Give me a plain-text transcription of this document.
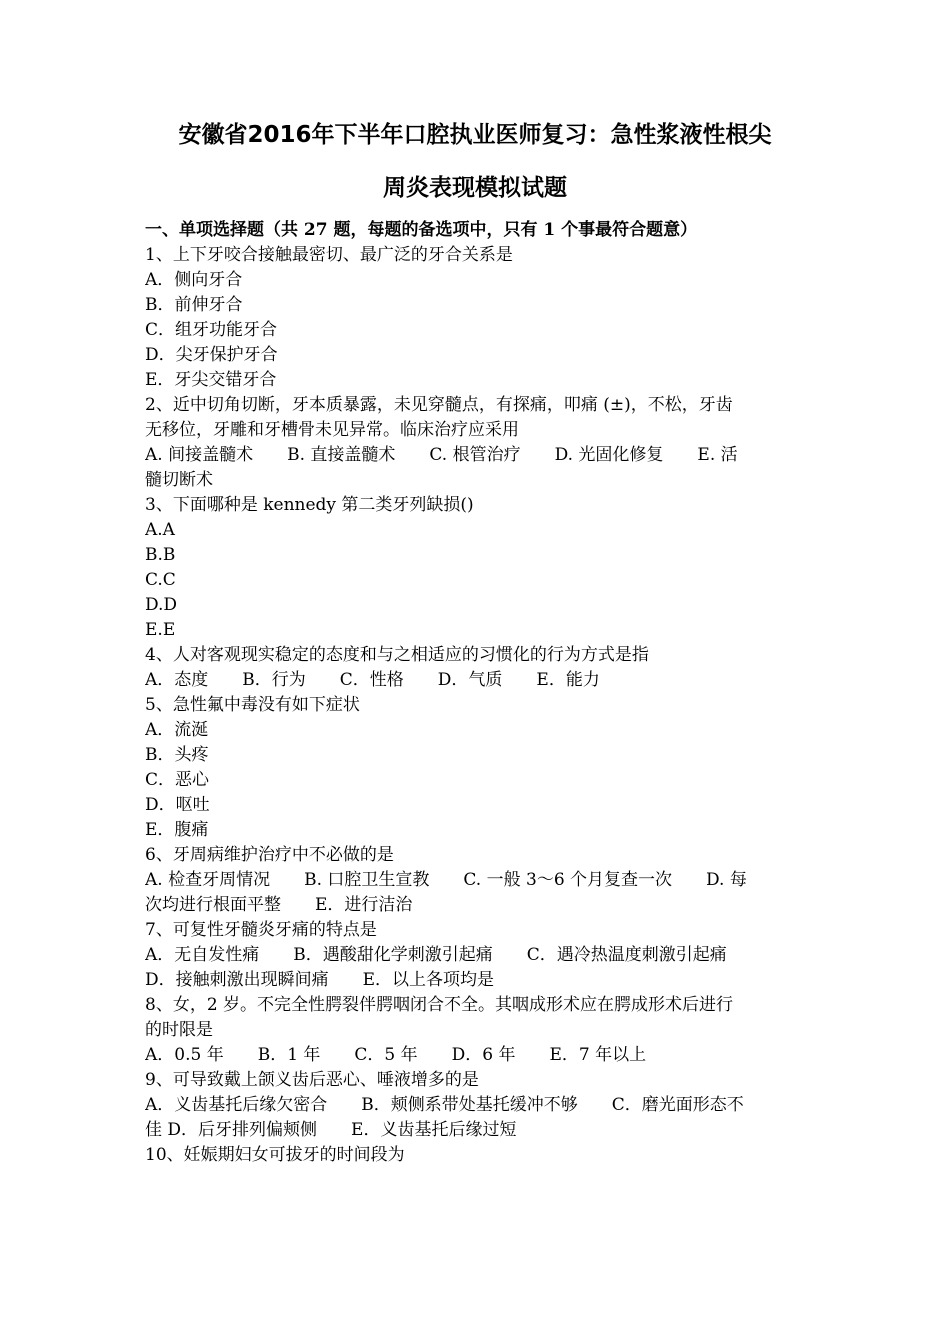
安徽省2016年下半年口腔执业医师复习：急性浆液性根尖
周炎表现模拟试题
一、单项选择题（共 27 题，每题的备选项中，只有 1 个事最符合题意）
1、上下牙咬合接触最密切、最广泛的牙合关系是
A．侧向牙合
B．前伸牙合
C．组牙功能牙合
D．尖牙保护牙合
E．牙尖交错牙合
2、近中切角切断，牙本质暴露，未见穿髓点，有探痛，叩痛 (±)，不松，牙齿
无移位，牙雕和牙槽骨未见异常。临床治疗应采用
A. 间接盖髓术　　B. 直接盖髓术　　C. 根管治疗　　D. 光固化修复　　E. 活
髓切断术
3、下面哪种是 kennedy 第二类牙列缺损()
A.A
B.B
C.C
D.D
E.E
4、人对客观现实稳定的态度和与之相适应的习惯化的行为方式是指
A．态度　　B．行为　　C．性格　　D．气质　　E．能力
5、急性氟中毒没有如下症状
A．流涎
B．头疼
C．恶心
D．呕吐
E．腹痛
6、牙周病维护治疗中不必做的是
A. 检查牙周情况　　B. 口腔卫生宣教　　C. 一般 3～6 个月复查一次　　D. 每
次均进行根面平整　　E．进行洁治
7、可复性牙髓炎牙痛的特点是
A．无自发性痛　　B．遇酸甜化学刺激引起痛　　C．遇冷热温度刺激引起痛
D．接触刺激出现瞬间痛　　E．以上各项均是
8、女，2 岁。不完全性腭裂伴腭咽闭合不全。其咽成形术应在腭成形术后进行
的时限是
A．0.5 年　　B．1 年　　C．5 年　　D．6 年　　E．7 年以上
9、可导致戴上颌义齿后恶心、唾液增多的是
A．义齿基托后缘欠密合　　B．颊侧系带处基托缓冲不够　　C．磨光面形态不
佳 D．后牙排列偏颊侧　　E．义齿基托后缘过短
10、妊娠期妇女可拔牙的时间段为
